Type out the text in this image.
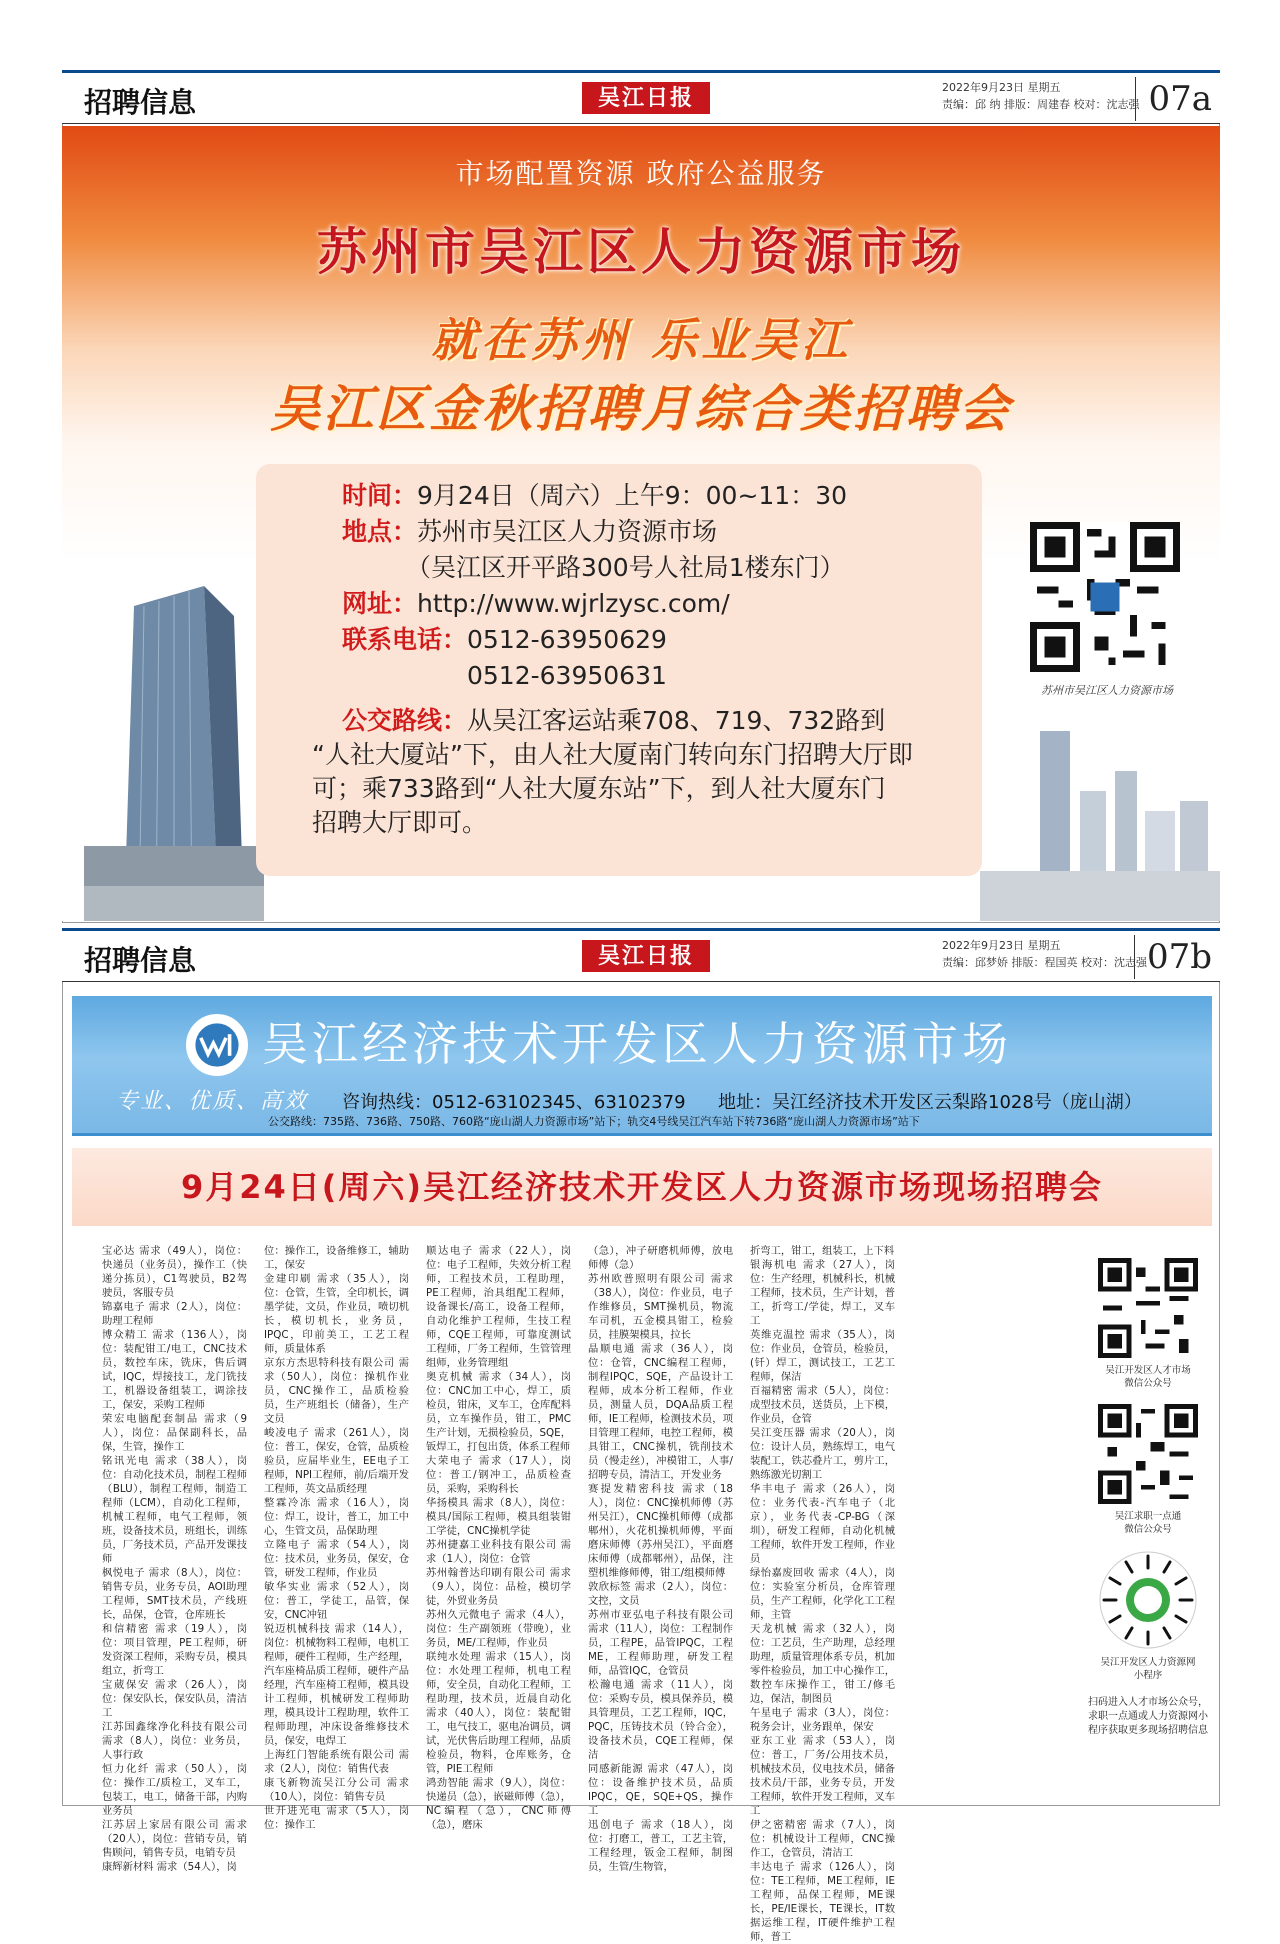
招聘信息	吴江日报	2022年9月23日 星期五
责编：邱 纳 排版：周建春 校对：沈志强 07a
市场配置资源 政府公益服务
苏州市吴江区人力资源市场
就在苏州 乐业吴江
吴江区金秋招聘月综合类招聘会
时间：9月24日（周六）上午9：00~11：30
地点：苏州市吴江区人力资源市场
（吴江区开平路300号人社局1楼东门）
网址：http://www.wjrlzysc.com/
联系电话：0512-63950629
0512-63950631
公交路线：从吴江客运站乘708、719、732路到
“人社大厦站”下，由人社大厦南门转向东门招聘大厅即
可；乘733路到“人社大厦东站”下，到人社大厦东门
招聘大厅即可。
苏州市吴江区人力资源市场
招聘信息	吴江日报	2022年9月23日 星期五
责编：邱梦娇 排版：程国英 校对：沈志强 07b
吴江经济技术开发区人力资源市场
专业、优质、高效 咨询热线：0512-63102345、63102379 地址：吴江经济技术开发区云梨路1028号（庞山湖）
公交路线：735路、736路、750路、760路“庞山湖人力资源市场”站下；轨交4号线吴江汽车站下转736路“庞山湖人力资源市场”站下
9月24日(周六)吴江经济技术开发区人力资源市场现场招聘会
宝必达 需求（49人），岗位：快递员（业务员），操作工（快递分拣员），C1驾驶员，B2驾驶员，客服专员
锦嘉电子 需求（2人），岗位：助理工程师
博众精工 需求（136人），岗位：装配钳工/电工，CNC技术员，数控车床，铣床，售后调试，IQC，焊接技工，龙门铣技工，机器设备组装工，调涂技工，保安，采购工程师
荣宏电脑配套制品 需求（9人），岗位：品保副科长，品保，生管，操作工
铭讯光电 需求（38人），岗位：自动化技术员，制程工程师（BLU），制程工程师，制造工程师（LCM），自动化工程师，机械工程师，电气工程师，领班，设备技术员，班组长，训练员，厂务技术员，产品开发课技师
枫悦电子 需求（8人），岗位：销售专员，业务专员，AOI助理工程师，SMT技术员，产线班长，品保，仓管，仓库班长
和信精密 需求（19人），岗位：项目管理，PE工程师，研发资深工程师，采购专员，模具组立，折弯工
宝葳保安 需求（26人），岗位：保安队长，保安队员，清洁工
江苏国鑫缘净化科技有限公司 需求（8人），岗位：业务员，人事行政
恒力化纤 需求（50人），岗位：操作工/质检工，叉车工，包装工，电工，储备干部，内购业务员
江苏居上家居有限公司 需求（20人），岗位：营销专员，销售顾问，销售专员，电销专员
康辉新材料 需求（54人），岗
位：操作工，设备维修工，辅助工，保安
金建印刷 需求（35人），岗位：仓管，生管，全印机长，调墨学徒，文员，作业员，喷切机长，模切机长，业务员，IPQC，印前美工，工艺工程师，质量体系
京东方杰思特科技有限公司 需求（50人），岗位：操机作业员，CNC操作工，品质检验员，生产班组长（储备），生产文员
峻凌电子 需求（261人），岗位：普工，保安，仓管，品质检验员，应届毕业生，EE电子工程师，NPI工程师，前/后端开发工程师，英文品质经理
整霖冷冻 需求（16人），岗位：焊工，设计，普工，加工中心，生管文员，品保助理
立隆电子 需求（54人），岗位：技术员，业务员，保安，仓管，研发工程师，作业员
敏华实业 需求（52人），岗位：普工，学徒工，品管，保安，CNC冲钮
锐迈机械科技 需求（14人），岗位：机械物料工程师，电机工程师，硬件工程师，生产经理，汽车座椅品质工程师，硬件产品经理，汽车座椅工程师，模具设计工程师，机械研发工程师助理，模具设计工程助理，软件工程师助理，冲床设备维修技术员，保安，电焊工
上海红门智能系统有限公司 需求（2人），岗位：销售代表
康飞新物流吴江分公司 需求（10人），岗位：销售专员
世开进光电 需求（5人），岗位：操作工
顺达电子 需求（22人），岗位：电子工程师，失效分析工程师，工程技术员，工程助理，PE工程师，治具组配工程师，设备课长/高工，设备工程师，自动化维护工程师，生技工程师，CQE工程师，可靠度测试工程师，厂务工程师，生管管理组师，业务管理组
奥克机械 需求（34人），岗位：CNC加工中心，焊工，质检员，钳床，叉车工，仓库配料员，立车操作员，钳工，PMC生产计划，无损检验员，SQE，钣焊工，打包出货，体系工程师
大荣电子 需求（17人），岗位：普工/钢冲工，品质检查员，采购，采购科长
华扬模具 需求（8人），岗位：模具/国际工程师，模具组装钳工学徒，CNC操机学徒
苏州捷嘉工业科技有限公司 需求（1人），岗位：仓管
苏州翰普达印刷有限公司 需求（9人），岗位：品检，模切学徒，外贸业务员
苏州久元微电子 需求（4人），岗位：生产副领班（带晚），业务员，ME/工程师，作业员
联纯水处理 需求（15人），岗位：水处理工程师，机电工程师，安全员，自动化工程师，工程助理，技术员，近晨自动化 需求（40人），岗位：装配钳工，电气技工，驱电冶调员，调试，光伏售后助理工程师，品质检验员，物料，仓库账务，仓管，PIE工程师
鸿劲智能 需求（9人），岗位：快递员（急），嵌磁师傅（急），NC编程（急），CNC师傅（急），磨床
（急），冲子研磨机师傅，放电师傅（急）
苏州欧普照明有限公司 需求（38人），岗位：作业员，电子作维修员，SMT操机员，物流车司机，五金模具钳工，检验员，挂膜架模具，拉长
晶顺电通 需求（36人），岗位：仓管，CNC编程工程师，制程IPQC，SQE，产品设计工程师，成本分析工程师，作业员，测量人员，DQA品质工程师，IE工程师，检测技术员，项目管理工程师，电控工程师，模具钳工，CNC操机，铣削技术员（慢走丝），冲模钳工，人事/招聘专员，清洁工，开发业务
赛提发精密科技 需求（18人），岗位：CNC操机师傅（苏州吴江），CNC操机师傅（成都郫州），火花机操机师傅，平面磨床师傅（苏州吴江），平面磨床师傅（成都郫州），品保，注塑机维修师傅，钳工/组模师傅
敦欣标签 需求（2人），岗位：文控，文员
苏州市亚弘电子科技有限公司 需求（11人），岗位：工程制作员，工程PE，品管IPQC，工程ME，工程师助理，研发工程师，品管IQC，仓管员
松瀚电通 需求（11人），岗位：采购专员，模具保养员，模具管理员，工艺工程师，IQC，PQC，压铸技术员（铃合金），设备技术员，CQE工程师，保洁
同感新能源 需求（47人），岗位：设备维护技术员，品质IPQC，QE，SQE+QS，操作工
迅创电子 需求（18人），岗位：打磨工，普工，工艺主管，工程经理，钣金工程师，制图员，生管/生物管，
折弯工，钳工，组装工，上下料
银海机电 需求（27人），岗位：生产经理，机械科长，机械工程师，技术员，生产计划，普工，折弯工/学徒，焊工，叉车工
英维克温控 需求（35人），岗位：作业员，仓管员，检验员，(钎）焊工，测试技工，工艺工程师，保洁
百福精密 需求（5人），岗位：成型技术员，送货员，上下模，作业员，仓管
吴江变压器 需求（20人），岗位：设计人员，熟练焊工，电气装配工，铁芯叠片工，剪片工，熟练激光切割工
华丰电子 需求（26人），岗位：业务代表-汽车电子（北京），业务代表-CP-BG（深圳），研发工程师，自动化机械工程师，软件开发工程师，作业员
绿怡嘉废回收 需求（4人），岗位：实验室分析员，仓库管理员，生产工程师，化学化工工程师，主管
天龙机械 需求（32人），岗位：工艺员，生产助理，总经理助理，质量管理体系专员，机加零件检验员，加工中心操作工，数控车床操作工，钳工/修毛边，保洁，制图员
午星电子 需求（3人），岗位：税务会计，业务跟单，保安
亚东工业 需求（53人），岗位：普工，厂务/公用技术员，机械技术员，仪电技术员，储备技术员/干部，业务专员，开发工程师，软件开发工程师，叉车工
伊之密精密 需求（7人），岗位：机械设计工程师，CNC操作工，仓管员，清洁工
丰达电子 需求（126人），岗位：TE工程师，ME工程师，IE工程师，品保工程师，ME课长，PE/IE课长，TE课长，IT数据运维工程，IT硬件维护工程师，普工
吴江开发区人才市场
微信公众号
吴江求职一点通
微信公众号
吴江开发区人力资源网
小程序
扫码进入人才市场公众号，求职一点通或人力资源网小程序获取更多现场招聘信息
